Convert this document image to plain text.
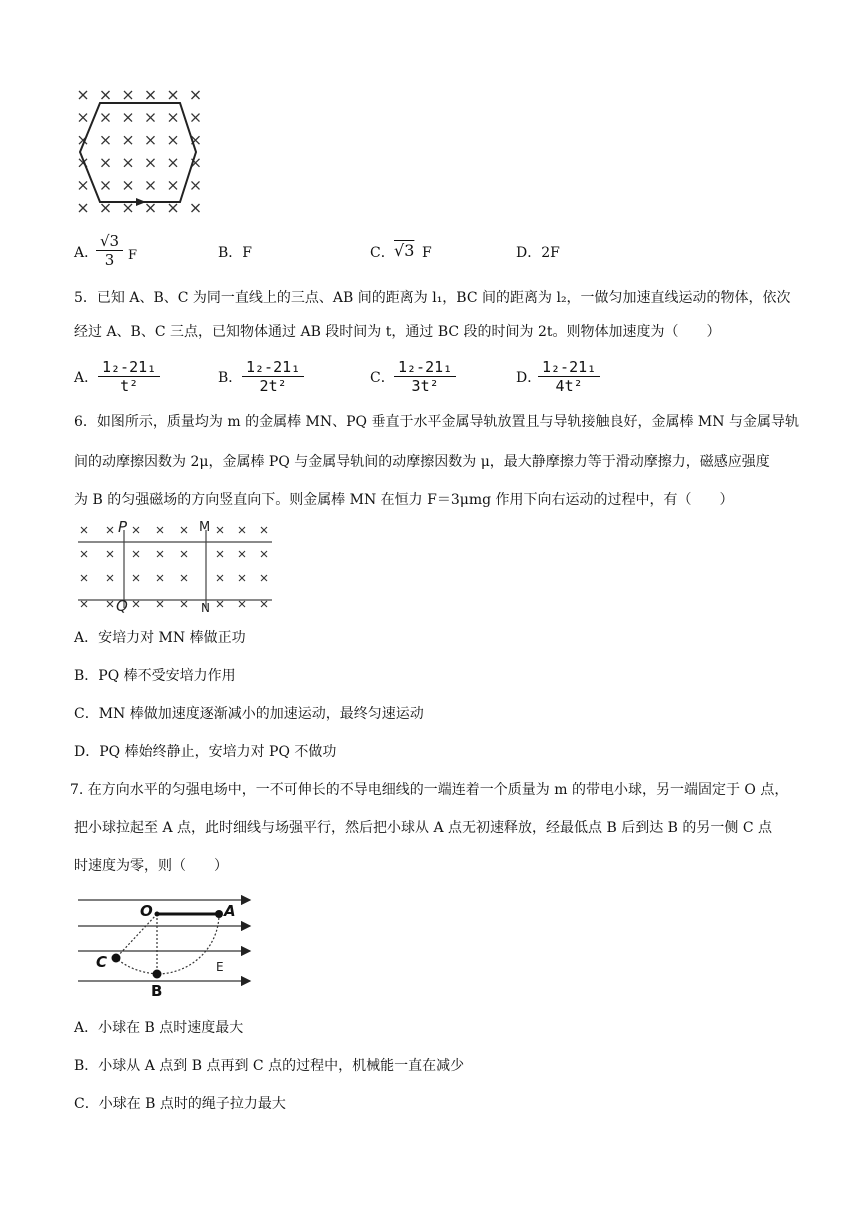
A．
$\frac{√3}{3}$ F	B．F	C． √3 F	D．2F
5．已知 A、B、C 为同一直线上的三点、AB 间的距离为 l₁，BC 间的距离为 l₂，一做匀加速直线运动的物体，依次
经过 A、B、C 三点，已知物体通过 AB 段时间为 t，通过 BC 段的时间为 2t。则物体加速度为（　　）
A． $\frac{\text{1₂-21₁}}{\text{t²}}$	B． $\frac{\text{1₂-21₁}}{\text{2t²}}$	C． $\frac{\text{1₂-21₁}}{\text{3t²}}$	D．
$\frac{\text{1₂-21₁}}{\text{4t²}}$
6．如图所示，质量均为 m 的金属棒 MN、PQ 垂直于水平金属导轨放置且与导轨接触良好，金属棒 MN 与金属导轨
间的动摩擦因数为 2μ，金属棒 PQ 与金属导轨间的动摩擦因数为 μ，最大静摩擦力等于滑动摩擦力，磁感应强度
为 B 的匀强磁场的方向竖直向下。则金属棒 MN 在恒力 F＝3μmg 作用下向右运动的过程中，有（　　）
P	M
Q	N
A．安培力对 MN 棒做正功
B．PQ 棒不受安培力作用
C．MN 棒做加速度逐渐减小的加速运动，最终匀速运动
D．PQ 棒始终静止，安培力对 PQ 不做功
7. 在方向水平的匀强电场中，一不可伸长的不导电细线的一端连着一个质量为 m 的带电小球，另一端固定于 O 点，
把小球拉起至 A 点，此时细线与场强平行，然后把小球从 A 点无初速释放，经最低点 B 后到达 B 的另一侧 C 点
时速度为零，则（　　）
O	A
C
B
E
A．小球在 B 点时速度最大
B．小球从 A 点到 B 点再到 C 点的过程中，机械能一直在减少
C．小球在 B 点时的绳子拉力最大
